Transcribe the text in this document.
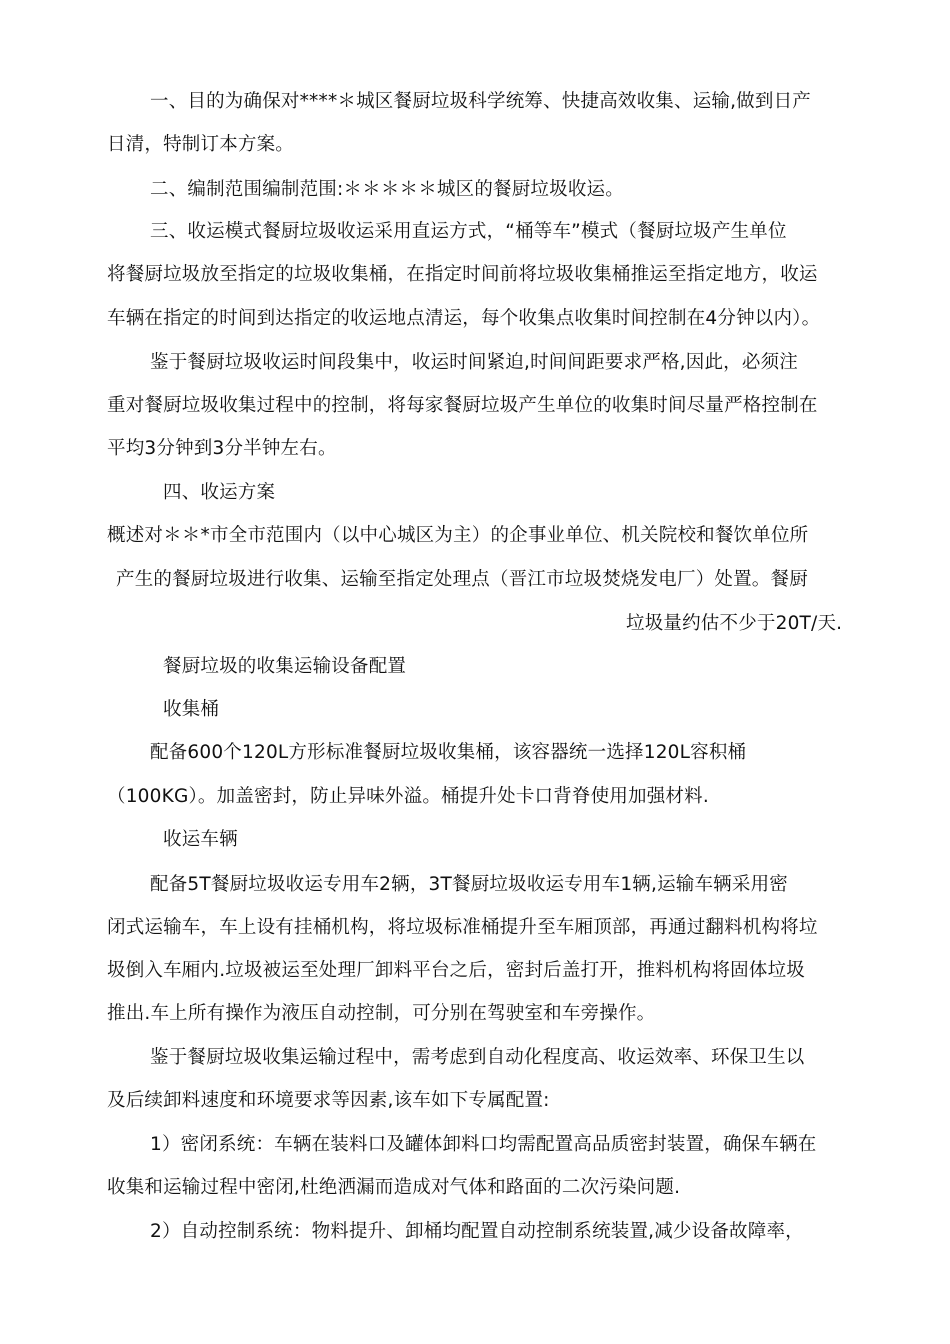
一、目的为确保对****＊城区餐厨垃圾科学统筹、快捷高效收集、运输,做到日产
日清，特制订本方案。
二、编制范围编制范围:＊＊＊＊＊城区的餐厨垃圾收运。
三、收运模式餐厨垃圾收运采用直运方式，“桶等车”模式（餐厨垃圾产生单位
将餐厨垃圾放至指定的垃圾收集桶，在指定时间前将垃圾收集桶推运至指定地方，收运
车辆在指定的时间到达指定的收运地点清运，每个收集点收集时间控制在4分钟以内）。
鉴于餐厨垃圾收运时间段集中，收运时间紧迫,时间间距要求严格,因此，必须注
重对餐厨垃圾收集过程中的控制，将每家餐厨垃圾产生单位的收集时间尽量严格控制在
平均3分钟到3分半钟左右。
四、收运方案
概述对＊＊*市全市范围内（以中心城区为主）的企事业单位、机关院校和餐饮单位所
产生的餐厨垃圾进行收集、运输至指定处理点（晋江市垃圾焚烧发电厂）处置。餐厨
垃圾量约估不少于20T/天.
餐厨垃圾的收集运输设备配置
收集桶
配备600个120L方形标准餐厨垃圾收集桶，该容器统一选择120L容积桶
（100KG）。加盖密封，防止异味外溢。桶提升处卡口背脊使用加强材料.
收运车辆
配备5T餐厨垃圾收运专用车2辆，3T餐厨垃圾收运专用车1辆,运输车辆采用密
闭式运输车，车上设有挂桶机构，将垃圾标准桶提升至车厢顶部，再通过翻料机构将垃
圾倒入车厢内.垃圾被运至处理厂卸料平台之后，密封后盖打开，推料机构将固体垃圾
推出.车上所有操作为液压自动控制，可分别在驾驶室和车旁操作。
鉴于餐厨垃圾收集运输过程中，需考虑到自动化程度高、收运效率、环保卫生以
及后续卸料速度和环境要求等因素,该车如下专属配置:
1）密闭系统：车辆在装料口及罐体卸料口均需配置高品质密封装置，确保车辆在
收集和运输过程中密闭,杜绝洒漏而造成对气体和路面的二次污染问题.
2）自动控制系统：物料提升、卸桶均配置自动控制系统装置,减少设备故障率，
